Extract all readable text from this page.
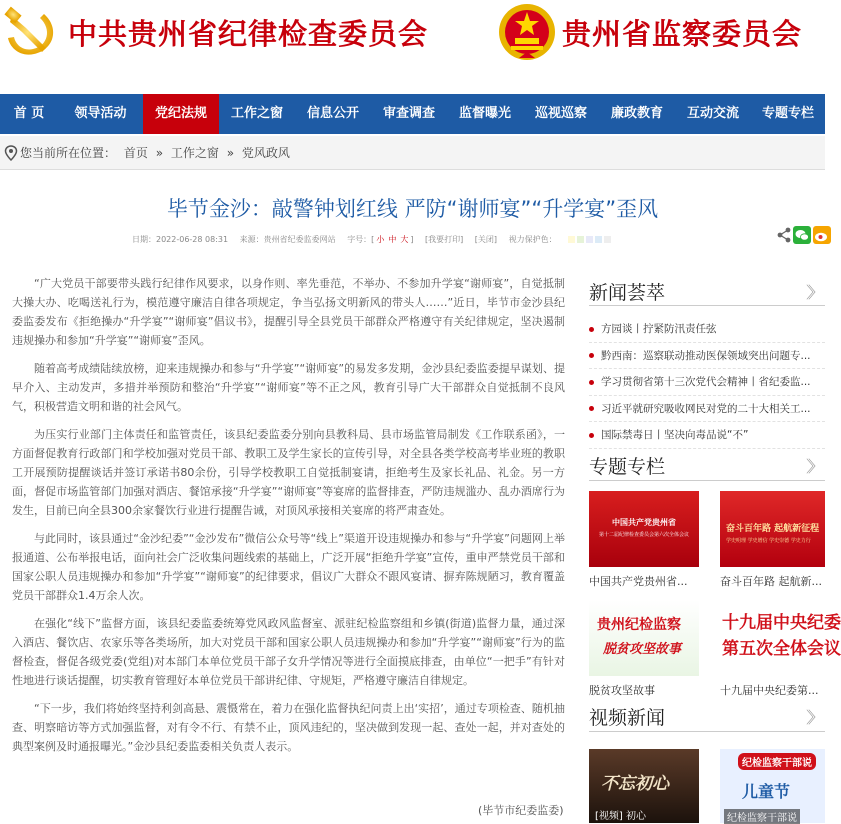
中共贵州省纪律检查委员会	贵州省监察委员会
首 页	领导活动	党纪法规	工作之窗	信息公开	审查调查	监督曝光	巡视巡察	廉政教育	互动交流	专题专栏
您当前所在位置： 首页 » 工作之窗 » 党风政风
毕节金沙：敲警钟划红线 严防“谢师宴”“升学宴”歪风
日期：2022-06-28 08:31 来源：贵州省纪委监委网站 字号：[ 小 中 大 ] [我要打印] [关闭] 视力保护色：

“广大党员干部要带头践行纪律作风要求，以身作则、率先垂范，不举办、不参加升学宴“谢师宴”，自觉抵制大操大办、吃喝送礼行为，模范遵守廉洁自律各项规定，争当弘扬文明新风的带头人……”近日，毕节市金沙县纪委监委发布《拒绝操办“升学宴”“谢师宴”倡议书》，提醒引导全县党员干部群众严格遵守有关纪律规定，坚决遏制违规操办和参加“升学宴”“谢师宴”歪风。

随着高考成绩陆续放榜，迎来违规操办和参与“升学宴”“谢师宴”的易发多发期，金沙县纪委监委提早谋划、提早介入、主动发声，多措并举预防和整治“升学宴”“谢师宴”等不正之风，教育引导广大干部群众自觉抵制不良风气，积极营造文明和谐的社会风气。

为压实行业部门主体责任和监管责任，该县纪委监委分别向县教科局、县市场监管局制发《工作联系函》，一方面督促教育行政部门和学校加强对党员干部、教职工及学生家长的宣传引导，对全县各类学校高考毕业班的教职工开展预防提醒谈话并签订承诺书80余份，引导学校教职工自觉抵制宴请，拒绝考生及家长礼品、礼金。另一方面，督促市场监管部门加强对酒店、餐馆承接“升学宴”“谢师宴”等宴席的监督排查，严防违规滥办、乱办酒席行为发生，目前已向全县300余家餐饮行业进行提醒告诫，对顶风承接相关宴席的将严肃查处。

与此同时，该县通过“金沙纪委”“金沙发布”微信公众号等“线上”渠道开设违规操办和参与“升学宴”问题网上举报通道、公布举报电话，面向社会广泛收集问题线索的基础上，广泛开展“拒绝升学宴”宣传，重申严禁党员干部和国家公职人员违规操办和参加“升学宴”“谢师宴”的纪律要求，倡议广大群众不跟风宴请、摒弃陈规陋习，教育覆盖党员干部群众1.4万余人次。

在强化“线下”监督方面，该县纪委监委统筹党风政风监督室、派驻纪检监察组和乡镇(街道)监督力量，通过深入酒店、餐饮店、农家乐等各类场所，加大对党员干部和国家公职人员违规操办和参加“升学宴”“谢师宴”行为的监督检查，督促各级党委(党组)对本部门本单位党员干部子女升学情况等进行全面摸底排查，由单位“一把手”有针对性地进行谈话提醒，切实教育管理好本单位党员干部讲纪律、守规矩，严格遵守廉洁自律规定。

“下一步，我们将始终坚持利剑高悬、震慑常在，着力在强化监督执纪问责上出‘实招’，通过专项检查、随机抽查、明察暗访等方式加强监督，对有令不行、有禁不止，顶风违纪的，坚决做到发现一起、查处一起，并对查处的典型案例及时通报曝光。”金沙县纪委监委相关负责人表示。

(毕节市纪委监委)
新闻荟萃	〉〉
方园谈丨拧紧防汛责任弦
黔西南：巡察联动推动医保领域突出问题专...
学习贯彻省第十三次党代会精神丨省纪委监...
习近平就研究吸收网民对党的二十大相关工...
国际禁毒日丨坚决向毒品说“不”
专题专栏	〉〉
中国共产党贵州省
第十二届纪律检查委员会第六次全体会议
中国共产党贵州省...
奋斗百年路 起航新征程
学史明理 学史增信 学史崇德 学史力行
奋斗百年路 起航新...
贵州纪检监察
脱贫攻坚故事
脱贫攻坚故事
十九届中央纪委
第五次全体会议
十九届中央纪委第...
视频新闻	〉〉
不忘初心
[视频] 初心
纪检监察干部说
儿童节
纪检监察干部说
